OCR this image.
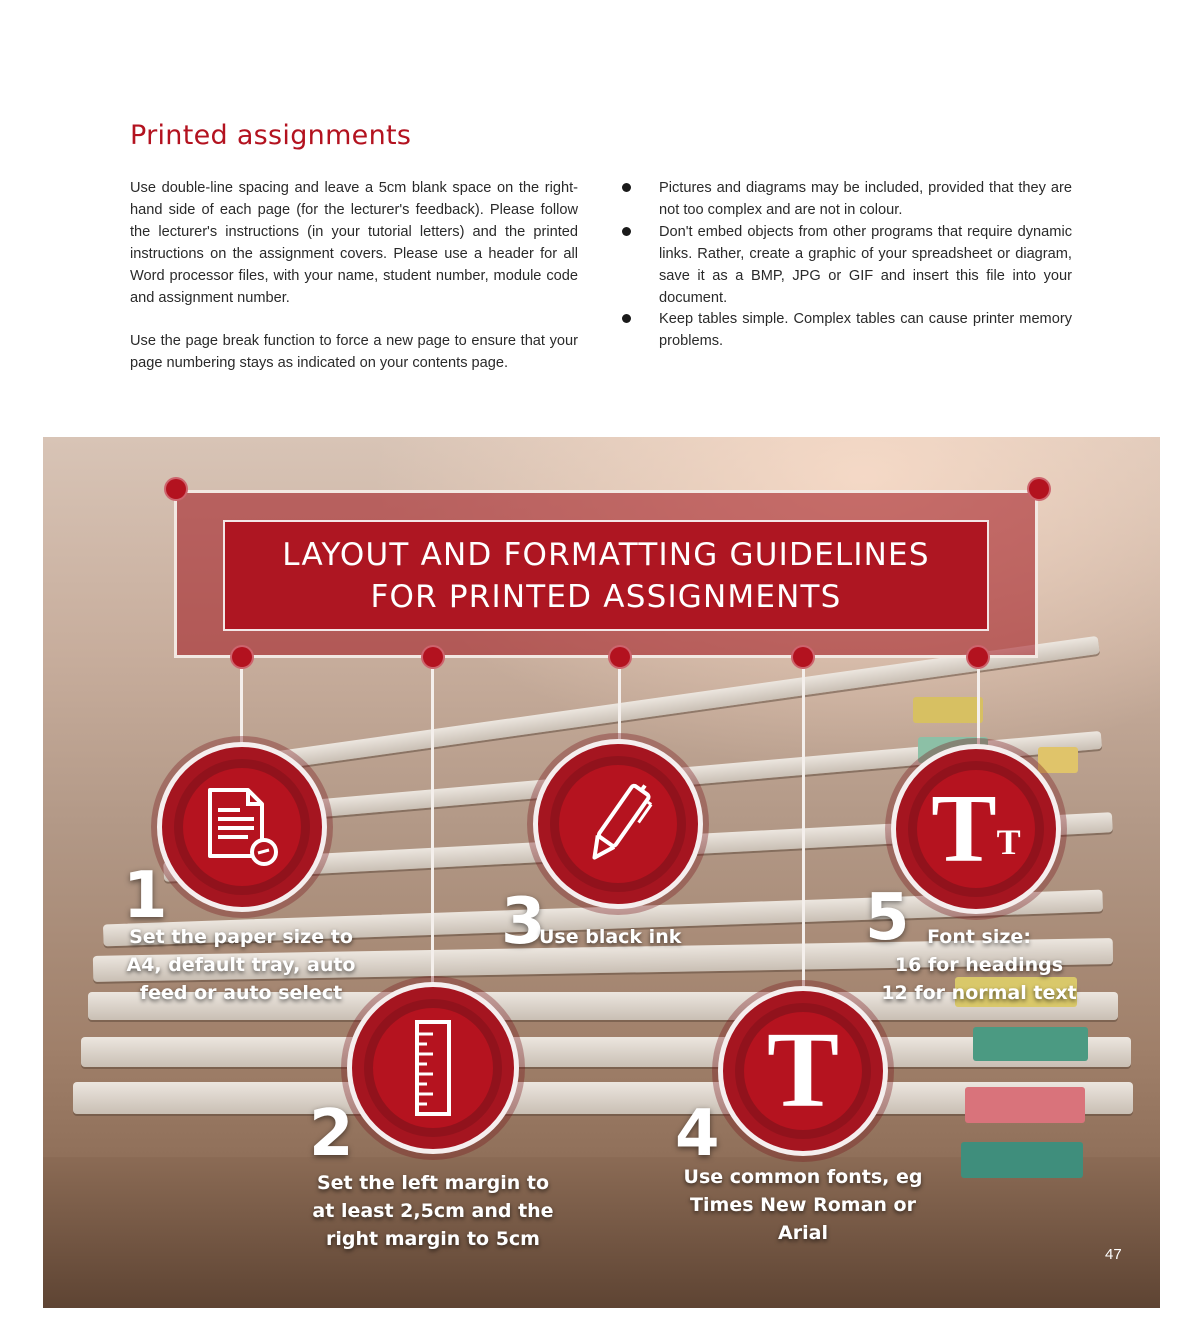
Printed assignments

Use double-line spacing and leave a 5cm blank space on the right-hand side of each page (for the lecturer's feedback). Please follow the lecturer's instructions (in your tutorial letters) and the printed instructions on the assignment covers. Please use a header for all Word processor files, with your name, student number, module code and assignment number.

Use the page break function to force a new page to ensure that your page numbering stays as indicated on your contents page.

Pictures and diagrams may be included, provided that they are not too complex and are not in colour.
Don't embed objects from other programs that require dynamic links. Rather, create a graphic of your spreadsheet or diagram, save it as a BMP, JPG or GIF and insert this file into your document.
Keep tables simple. Complex tables can cause printer memory problems.
LAYOUT AND FORMATTING GUIDELINES
FOR PRINTED ASSIGNMENTS
1
Set the paper size to
A4, default tray, auto
feed or auto select
2
Set the left margin to
at least 2,5cm and the
right margin to 5cm
3
Use black ink
T
4
Use common fonts, eg
Times New Roman or
Arial
T T
5 Font size:
16 for headings
12 for normal text
47
